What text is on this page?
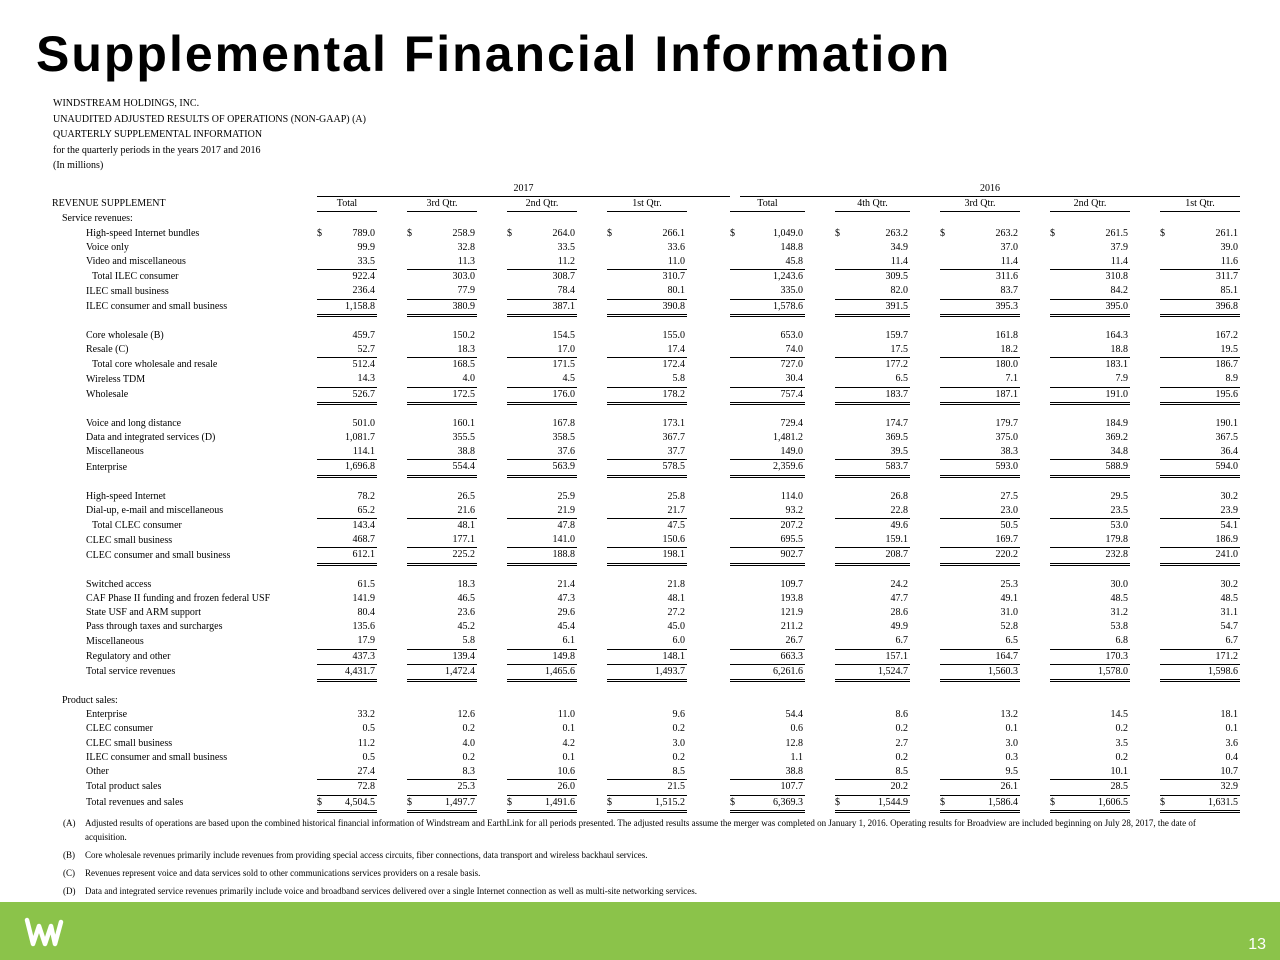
Supplemental Financial Information
WINDSTREAM HOLDINGS, INC.
UNAUDITED ADJUSTED RESULTS OF OPERATIONS (NON-GAAP) (A)
QUARTERLY SUPPLEMENTAL INFORMATION
for the quarterly periods in the years 2017 and 2016
(In millions)
	2017													2016												
REVENUE SUPPLEMENT	Total			3rd Qtr.			2nd Qtr.			1st Qtr.			Total			4th Qtr.			3rd Qtr.			2nd Qtr.			1st Qtr.	
Service revenues:																										
High-speed Internet bundles	$	789.0		$	258.9		$	264.0		$	266.1		$	1,049.0		$	263.2		$	263.2		$	261.5		$	261.1
Voice only		99.9			32.8			33.5			33.6			148.8			34.9			37.0			37.9			39.0
Video and miscellaneous		33.5			11.3			11.2			11.0			45.8			11.4			11.4			11.4			11.6
Total ILEC consumer		922.4			303.0			308.7			310.7			1,243.6			309.5			311.6			310.8			311.7
ILEC small business		236.4			77.9			78.4			80.1			335.0			82.0			83.7			84.2			85.1
ILEC consumer and small business		1,158.8			380.9			387.1			390.8			1,578.6			391.5			395.3			395.0			396.8

Core wholesale (B)		459.7			150.2			154.5			155.0			653.0			159.7			161.8			164.3			167.2
Resale (C)		52.7			18.3			17.0			17.4			74.0			17.5			18.2			18.8			19.5
Total core wholesale and resale		512.4			168.5			171.5			172.4			727.0			177.2			180.0			183.1			186.7
Wireless TDM		14.3			4.0			4.5			5.8			30.4			6.5			7.1			7.9			8.9
Wholesale		526.7			172.5			176.0			178.2			757.4			183.7			187.1			191.0			195.6

Voice and long distance		501.0			160.1			167.8			173.1			729.4			174.7			179.7			184.9			190.1
Data and integrated services (D)		1,081.7			355.5			358.5			367.7			1,481.2			369.5			375.0			369.2			367.5
Miscellaneous		114.1			38.8			37.6			37.7			149.0			39.5			38.3			34.8			36.4
Enterprise		1,696.8			554.4			563.9			578.5			2,359.6			583.7			593.0			588.9			594.0

High-speed Internet		78.2			26.5			25.9			25.8			114.0			26.8			27.5			29.5			30.2
Dial-up, e-mail and miscellaneous		65.2			21.6			21.9			21.7			93.2			22.8			23.0			23.5			23.9
Total CLEC consumer		143.4			48.1			47.8			47.5			207.2			49.6			50.5			53.0			54.1
CLEC small business		468.7			177.1			141.0			150.6			695.5			159.1			169.7			179.8			186.9
CLEC consumer and small business		612.1			225.2			188.8			198.1			902.7			208.7			220.2			232.8			241.0

Switched access		61.5			18.3			21.4			21.8			109.7			24.2			25.3			30.0			30.2
CAF Phase II funding and frozen federal USF		141.9			46.5			47.3			48.1			193.8			47.7			49.1			48.5			48.5
State USF and ARM support		80.4			23.6			29.6			27.2			121.9			28.6			31.0			31.2			31.1
Pass through taxes and surcharges		135.6			45.2			45.4			45.0			211.2			49.9			52.8			53.8			54.7
Miscellaneous		17.9			5.8			6.1			6.0			26.7			6.7			6.5			6.8			6.7
Regulatory and other		437.3			139.4			149.8			148.1			663.3			157.1			164.7			170.3			171.2
Total service revenues		4,431.7			1,472.4			1,465.6			1,493.7			6,261.6			1,524.7			1,560.3			1,578.0			1,598.6

Product sales:																										
Enterprise		33.2			12.6			11.0			9.6			54.4			8.6			13.2			14.5			18.1
CLEC consumer		0.5			0.2			0.1			0.2			0.6			0.2			0.1			0.2			0.1
CLEC small business		11.2			4.0			4.2			3.0			12.8			2.7			3.0			3.5			3.6
ILEC consumer and small business		0.5			0.2			0.1			0.2			1.1			0.2			0.3			0.2			0.4
Other		27.4			8.3			10.6			8.5			38.8			8.5			9.5			10.1			10.7
Total product sales		72.8			25.3			26.0			21.5			107.7			20.2			26.1			28.5			32.9
Total revenues and sales	$	4,504.5		$	1,497.7		$	1,491.6		$	1,515.2		$	6,369.3		$	1,544.9		$	1,586.4		$	1,606.5		$	1,631.5
(A)	Adjusted results of operations are based upon the combined historical financial information of Windstream and EarthLink for all periods presented. The adjusted results assume the merger was completed on January 1, 2016. Operating results for Broadview are included beginning on July 28, 2017, the date of acquisition.
(B)	Core wholesale revenues primarily include revenues from providing special access circuits, fiber connections, data transport and wireless backhaul services.
(C)	Revenues represent voice and data services sold to other communications services providers on a resale basis.
(D)	Data and integrated service revenues primarily include voice and broadband services delivered over a single Internet connection as well as multi-site networking services.
13
